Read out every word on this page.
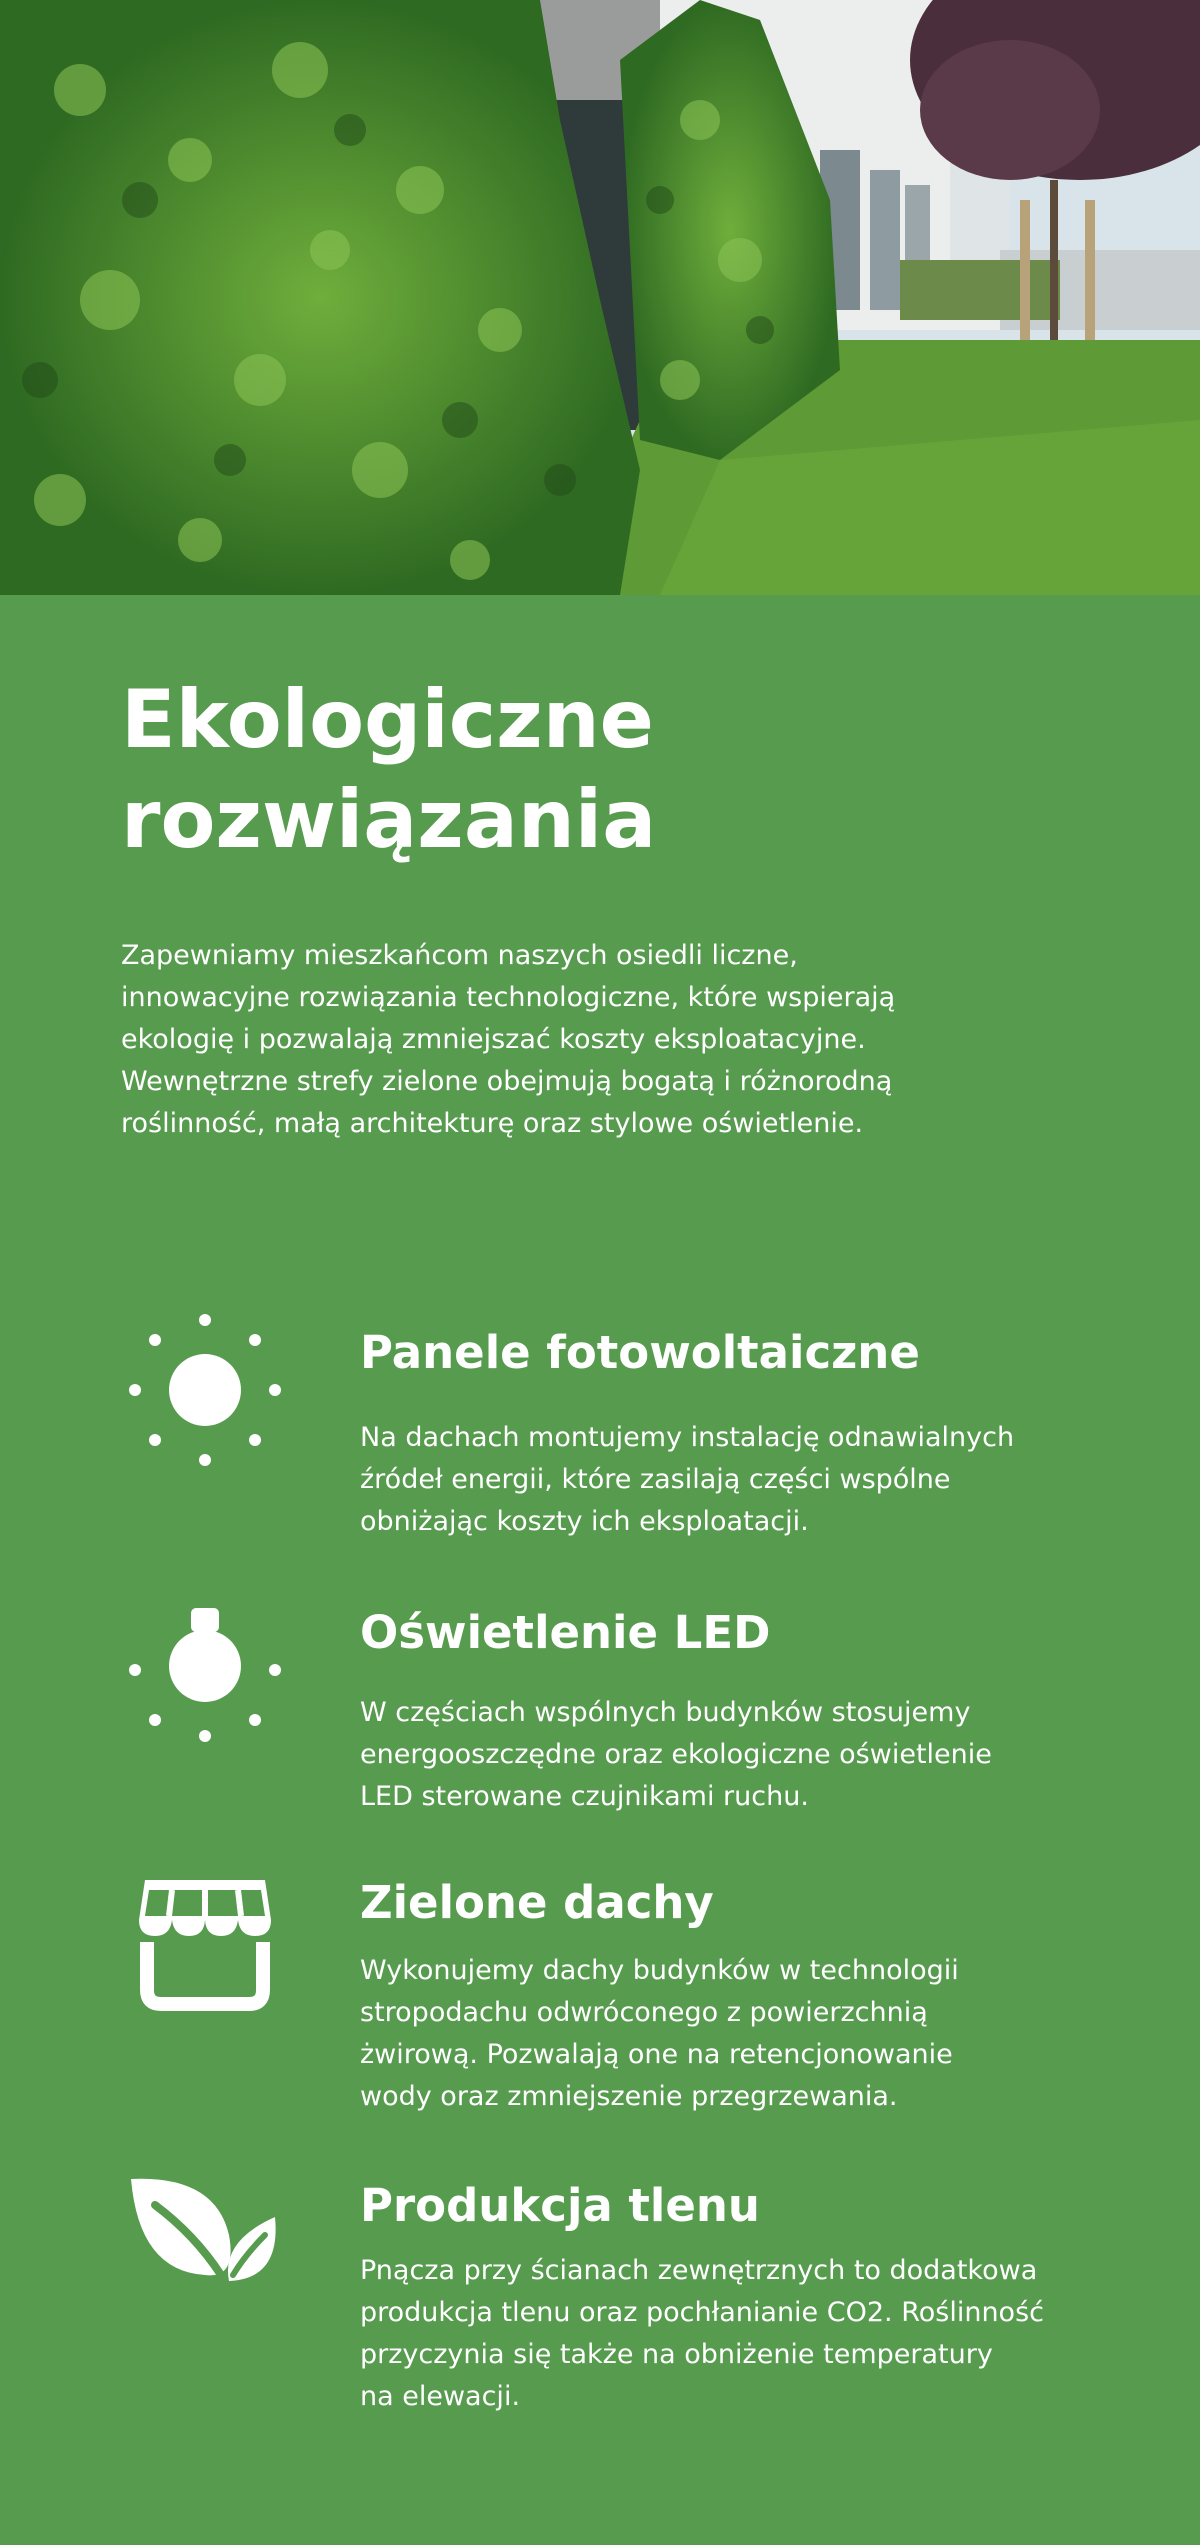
Ekologiczne
rozwiązania
Zapewniamy mieszkańcom naszych osiedli liczne,
innowacyjne rozwiązania technologiczne, które wspierają
ekologię i pozwalają zmniejszać koszty eksploatacyjne.
Wewnętrzne strefy zielone obejmują bogatą i różnorodną
roślinność, małą architekturę oraz stylowe oświetlenie.
Panele fotowoltaiczne

Na dachach montujemy instalację odnawialnych
źródeł energii, które zasilają części wspólne
obniżając koszty ich eksploatacji.

Oświetlenie LED

W częściach wspólnych budynków stosujemy
energooszczędne oraz ekologiczne oświetlenie
LED sterowane czujnikami ruchu.

Zielone dachy

Wykonujemy dachy budynków w technologii
stropodachu odwróconego z powierzchnią
żwirową. Pozwalają one na retencjonowanie
wody oraz zmniejszenie przegrzewania.

Produkcja tlenu

Pnącza przy ścianach zewnętrznych to dodatkowa
produkcja tlenu oraz pochłanianie CO2. Roślinność
przyczynia się także na obniżenie temperatury
na elewacji.
